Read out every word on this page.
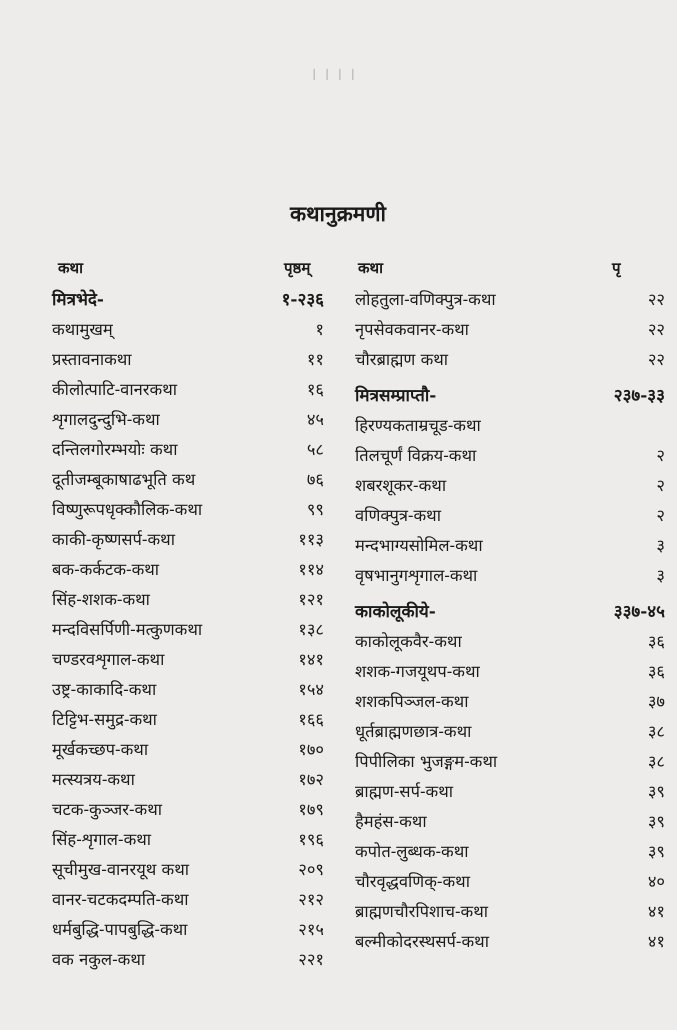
।।।।
कथानुक्रमणी
कथा	पृष्ठम्	कथा	पृ
मित्रभेदे-	१-२३६
कथामुखम्	१
प्रस्तावनाकथा	११
कीलोत्पाटि-वानरकथा	१६
शृगालदुन्दुभि-कथा	४५
दन्तिलगोरम्भयोः कथा	५८
दूतीजम्बूकाषाढभूति कथ	७६
विष्णुरूपधृक्कौलिक-कथा	९९
काकी-कृष्णसर्प-कथा	११३
बक-कर्कटक-कथा	११४
सिंह-शशक-कथा	१२१
मन्दविसर्पिणी-मत्कुणकथा	१३८
चण्डरवशृगाल-कथा	१४१
उष्ट्र-काकादि-कथा	१५४
टिट्टिभ-समुद्र-कथा	१६६
मूर्खकच्छप-कथा	१७०
मत्स्यत्रय-कथा	१७२
चटक-कुञ्जर-कथा	१७९
सिंह-शृगाल-कथा	१९६
सूचीमुख-वानरयूथ कथा	२०९
वानर-चटकदम्पति-कथा	२१२
धर्मबुद्धि-पापबुद्धि-कथा	२१५
वक नकुल-कथा	२२१
लोहतुला-वणिक्पुत्र-कथा	२२
नृपसेवकवानर-कथा	२२
चौरब्राह्मण कथा	२२
मित्रसम्प्राप्तौ-	२३७-३३
हिरण्यकताम्रचूड-कथा
तिलचूर्णं विक्रय-कथा	२
शबरशूकर-कथा	२
वणिक्पुत्र-कथा	२
मन्दभाग्यसोमिल-कथा	३
वृषभानुगशृगाल-कथा	३
काकोलूकीये-	३३७-४५
काकोलूकवैर-कथा	३६
शशक-गजयूथप-कथा	३६
शशकपिञ्जल-कथा	३७
धूर्तब्राह्मणछात्र-कथा	३८
पिपीलिका भुजङ्गम-कथा	३८
ब्राह्मण-सर्प-कथा	३९
हैमहंस-कथा	३९
कपोत-लुब्धक-कथा	३९
चौरवृद्धवणिक्-कथा	४०
ब्राह्मणचौरपिशाच-कथा	४१
बल्मीकोदरस्थसर्प-कथा	४१
